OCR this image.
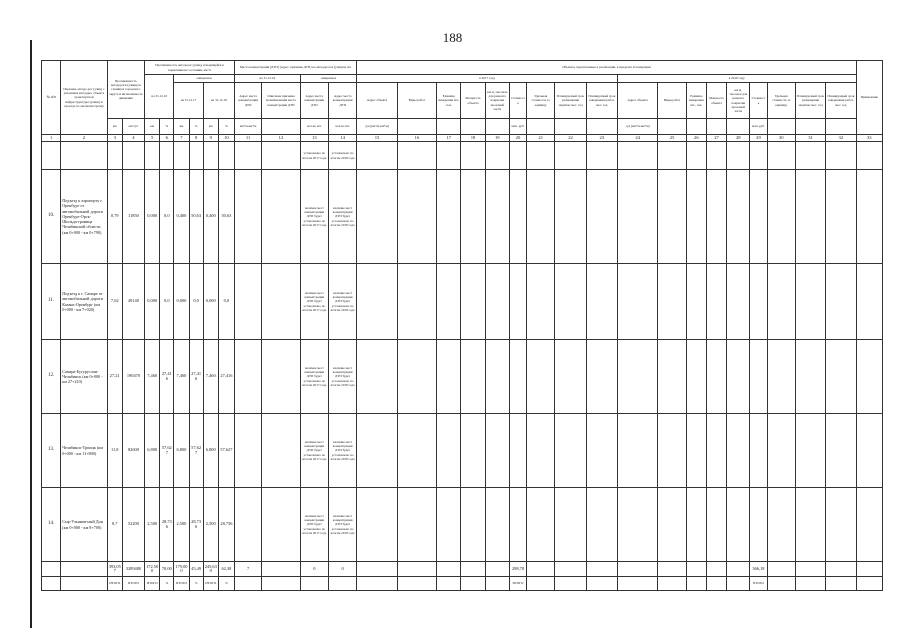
188
№ п/п	Перечень автодо-рог (улиц) с указанием км (адрес объекта транспортной инфраструктуры (улица) и проезда по автомагистрали)	Протяженность автодороги (улицы) в границах городского округа и интенсивность движения		Протяженность автодорог (улиц), находящейся в нормативном состоянии, км/%						Места концентрации (ДТП) (адрес, причины ДТП) на автодорогах (улицах) шт.				Объекты, предлагаемые к реализации, в пределах агломерации																		Примечание
				на 31.12.16		ожидаемое				на 31.12.16		ожидаемое		в 2017 году									в 2018 году									
						на 31.12.17		на 31.12.18		Адрес места концентрации ДТП	Описание причины возникновения места концентрации ДТП	Адрес места концентрации ДТП	Адрес места концентрации ДТП	Адрес объекта	Виды работ	Единица измерения шт., п.м.	Мощность объекта	км м, тыс.кв.м для ремонта покрытия проезжей части	Стоимость	Удельная стоимость за единицу	Планируемый срок размещения закупки, мес. год	Планируемый срок завершения работ, мес. год	Адрес объекта	Виды работ	Единица измерения шт., п.м.	Мощность объекта	км м, тыс.кв.м для ремонта покрытия проезжей части	Стоимость	Удельная стоимость за единицу	Планируемый срок размещения закупки, мес. год	Планируемый срок завершения работ, мес. год	
		км	авт/сут	км	%	км	%	км	%	км+м-км+м		кол-во шт.	кол-во шт.	д/д (км+м-км+м)					млн. руб.				д/д (км+м-км+м)					млн. руб.				
1	2	3	4	5	6	7	8	9	10	11	12	13	14	15	16	17	18	19	20	21	22	23	24	25	26	27	28	29	30	31	32	33
												установлено по итогам 2017 года	установлено по итогам 2018 года																			
10.	Подъезд к аэропорту г. Оренбург от автомобильной дороги Оренбург-Орск-Шильда-граница Челябинской области (км 0+000 - км 0+790)	0,79	11850	0,000	0,0	0,400	50,63	0,400	50,63			наличие мест концентрации ДТП будет установлено по итогам 2017 года	наличие мест концентрации ДТП будет установлено по итогам 2018 года																			
11.	Подъезд к г. Самаре от автомобильной дороги Казань-Оренбург (км 0+000 - км 7+020)	7,02	49140	0,000	0,0	0,000	0,0	0,000	0,0			наличие мест концентрации ДТП будет установлено по итогам 2017 года	наличие мест концентрации ДТП будет установлено по итогам 2018 года																			
12.	Самара-Бугуруслан-Челябинск (км 0+000 - км 27+210)	27,21	190470	7,460	27,41 6	7,460	27,41 6	7,460	27,416			наличие мест концентрации ДТП будет установлено по итогам 2017 года	наличие мест концентрации ДТП будет установлено по итогам 2018 года																			
13.	Челябинск-Троицк (км 0+000 - км 11+800)	11,8	82600	6,800	57,62 7	6,800	57,62 7	6,800	57,627			наличие мест концентрации ДТП будет установлено по итогам 2017 года	наличие мест концентрации ДТП будет установлено по итогам 2018 года																			
14.	Сыр-Ульянов-ный Дон (км 0+000 - км 8+700)	8,7	52200	2,500	28,73 6	2,500	28,73 6	2,500	28,736			наличие мест концентрации ДТП будет установлено по итогам 2017 года	наличие мест концентрации ДТП будет установлено по итогам 2018 года																			
		393,05 7	3289480	172,50 0	70,00	179,00 0	45,49	245,63 0	62,38	7		0	0						298,78									366,18				
		ИТОГО	ИТОГО	ИТОГО	%	ИТОГО	%	ИТОГО	%										ИТОГО									ИТОГО				
